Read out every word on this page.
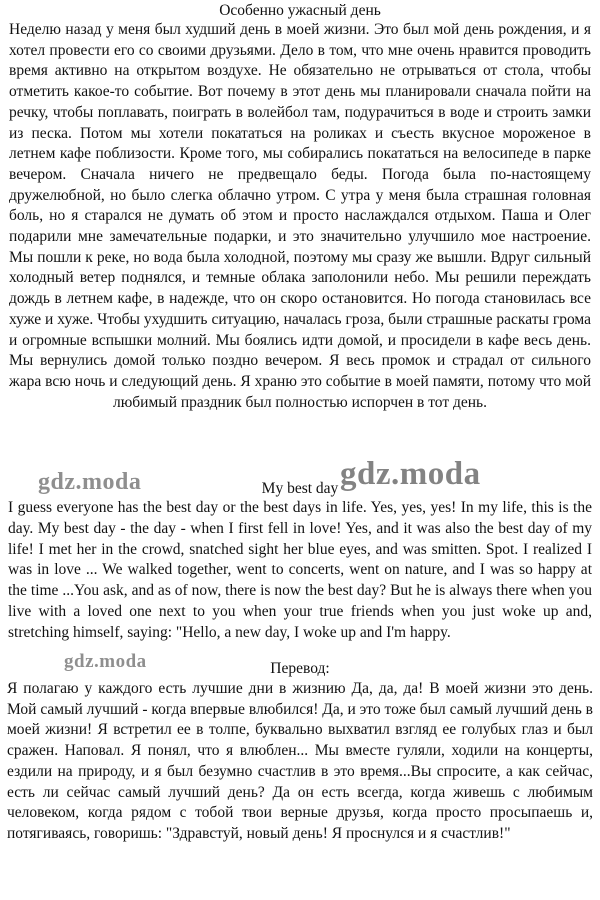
Особенно ужасный день

Неделю назад у меня был худший день в моей жизни. Это был мой день рождения, и я хотел провести его со своими друзьями. Дело в том, что мне очень нравится проводить время активно на открытом воздухе. Не обязательно не отрываться от стола, чтобы отметить какое-то событие. Вот почему в этот день мы планировали сначала пойти на речку, чтобы поплавать, поиграть в волейбол там, подурачиться в воде и строить замки из песка. Потом мы хотели покататься на роликах и съесть вкусное мороженое в летнем кафе поблизости. Кроме того, мы собирались покататься на велосипеде в парке вечером. Сначала ничего не предвещало беды. Погода была по-настоящему дружелюбной, но было слегка облачно утром. С утра у меня была страшная головная боль, но я старался не думать об этом и просто наслаждался отдыхом. Паша и Олег подарили мне замечательные подарки, и это значительно улучшило мое настроение. Мы пошли к реке, но вода была холодной, поэтому мы сразу же вышли. Вдруг сильный холодный ветер поднялся, и темные облака заполонили небо. Мы решили переждать дождь в летнем кафе, в надежде, что он скоро остановится. Но погода становилась все хуже и хуже. Чтобы ухудшить ситуацию, началась гроза, были страшные раскаты грома и огромные вспышки молний. Мы боялись идти домой, и просидели в кафе весь день. Мы вернулись домой только поздно вечером. Я весь промок и страдал от сильного жара всю ночь и следующий день. Я храню это событие в моей памяти, потому что мой любимый праздник был полностью испорчен в тот день.

My best day

I guess everyone has the best day or the best days in life. Yes, yes, yes! In my life, this is the day. My best day - the day - when I first fell in love! Yes, and it was also the best day of my life! I met her in the crowd, snatched sight her blue eyes, and was smitten. Spot. I realized I was in love ... We walked together, went to concerts, went on nature, and I was so happy at the time ...You ask, and as of now, there is now the best day? But he is always there when you live with a loved one next to you when your true friends when you just woke up and, stretching himself, saying: "Hello, a new day, I woke up and I'm happy.

Перевод:

Я полагаю у каждого есть лучшие дни в жизнию Да, да, да! В моей жизни это день. Мой самый лучший - когда впервые влюбился! Да, и это тоже был самый лучший день в моей жизни! Я встретил ее в толпе, буквально выхватил взгляд ее голубых глаз и был сражен. Наповал. Я понял, что я влюблен... Мы вместе гуляли, ходили на концерты, ездили на природу, и я был безумно счастлив в это время...Вы спросите, а как сейчас, есть ли сейчас самый лучший день? Да он есть всегда, когда живешь с любимым человеком, когда рядом с тобой твои верные друзья, когда просто просыпаешь и, потягиваясь, говоришь: "Здравстуй, новый день! Я проснулся и я счастлив!"

gdz.moda	gdz.moda
gdz.moda
